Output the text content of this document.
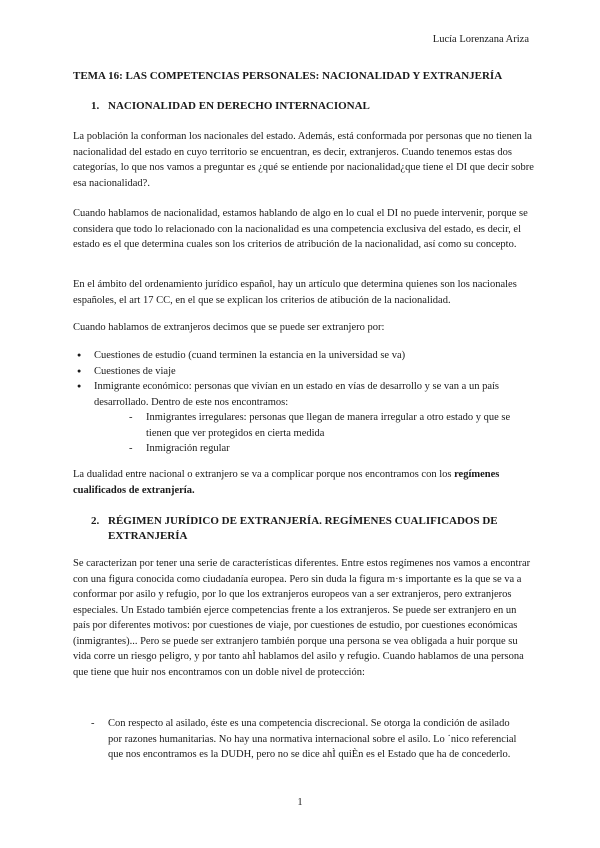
Lucía Lorenzana Ariza
TEMA 16: LAS COMPETENCIAS PERSONALES: NACIONALIDAD Y EXTRANJERÍA
1. NACIONALIDAD EN DERECHO INTERNACIONAL

La población la conforman los nacionales del estado. Además, está conformada por personas que no tienen la nacionalidad del estado en cuyo territorio se encuentran, es decir, extranjeros. Cuando tenemos estas dos categorías, lo que nos vamos a preguntar es ¿qué se entiende por nacionalidad¿que tiene el DI que decir sobre esa nacionalidad?.

Cuando hablamos de nacionalidad, estamos hablando de algo en lo cual el DI no puede intervenir, porque se considera que todo lo relacionado con la nacionalidad es una competencia exclusiva del estado, es decir, el estado es el que determina cuales son los criterios de atribución de la nacionalidad, así como su concepto.

En el ámbito del ordenamiento jurídico español, hay un artículo que determina quienes son los nacionales españoles, el art 17 CC, en el que se explican los criterios de atibución de la nacionalidad.

Cuando hablamos de extranjeros decimos que se puede ser extranjero por:

● Cuestiones de estudio (cuand terminen la estancia en la universidad se va)
● Cuestiones de viaje
● Inmigrante económico: personas que vivían en un estado en vías de desarrollo y se van a un país desarrollado. Dentro de este nos encontramos:
- Inmigrantes irregulares: personas que llegan de manera irregular a otro estado y que se tienen que ver protegidos en cierta medida
- Inmigración regular

La dualidad entre nacional o extranjero se va a complicar porque nos encontramos con los regímenes cualificados de extranjería.

2. RÉGIMEN JURÍDICO DE EXTRANJERÍA. REGÍMENES CUALIFICADOS DE EXTRANJERÍA

Se caracterizan por tener una serie de características diferentes. Entre estos regímenes nos vamos a encontrar con una figura conocida como ciudadanía europea. Pero sin duda la figura m·s importante es la que se va a conformar por asilo y refugio, por lo que los extranjeros europeos van a ser extranjeros, pero extranjeros especiales. Un Estado también ejerce competencias frente a los extranjeros. Se puede ser extranjero en un país por diferentes motivos: por cuestiones de viaje, por cuestiones de estudio, por cuestiones económicas (inmigrantes)... Pero se puede ser extranjero también porque una persona se vea obligada a huir porque su vida corre un riesgo peligro, y por tanto ahÌ hablamos del asilo y refugio. Cuando hablamos de una persona que tiene que huir nos encontramos con un doble nivel de protección:

- Con respecto al asilado, éste es una competencia discrecional. Se otorga la condición de asilado por razones humanitarias. No hay una normativa internacional sobre el asilo. Lo ˙nico referencial que nos encontramos es la DUDH, pero no se dice ahÌ quiÈn es el Estado que ha de concederlo.
1
